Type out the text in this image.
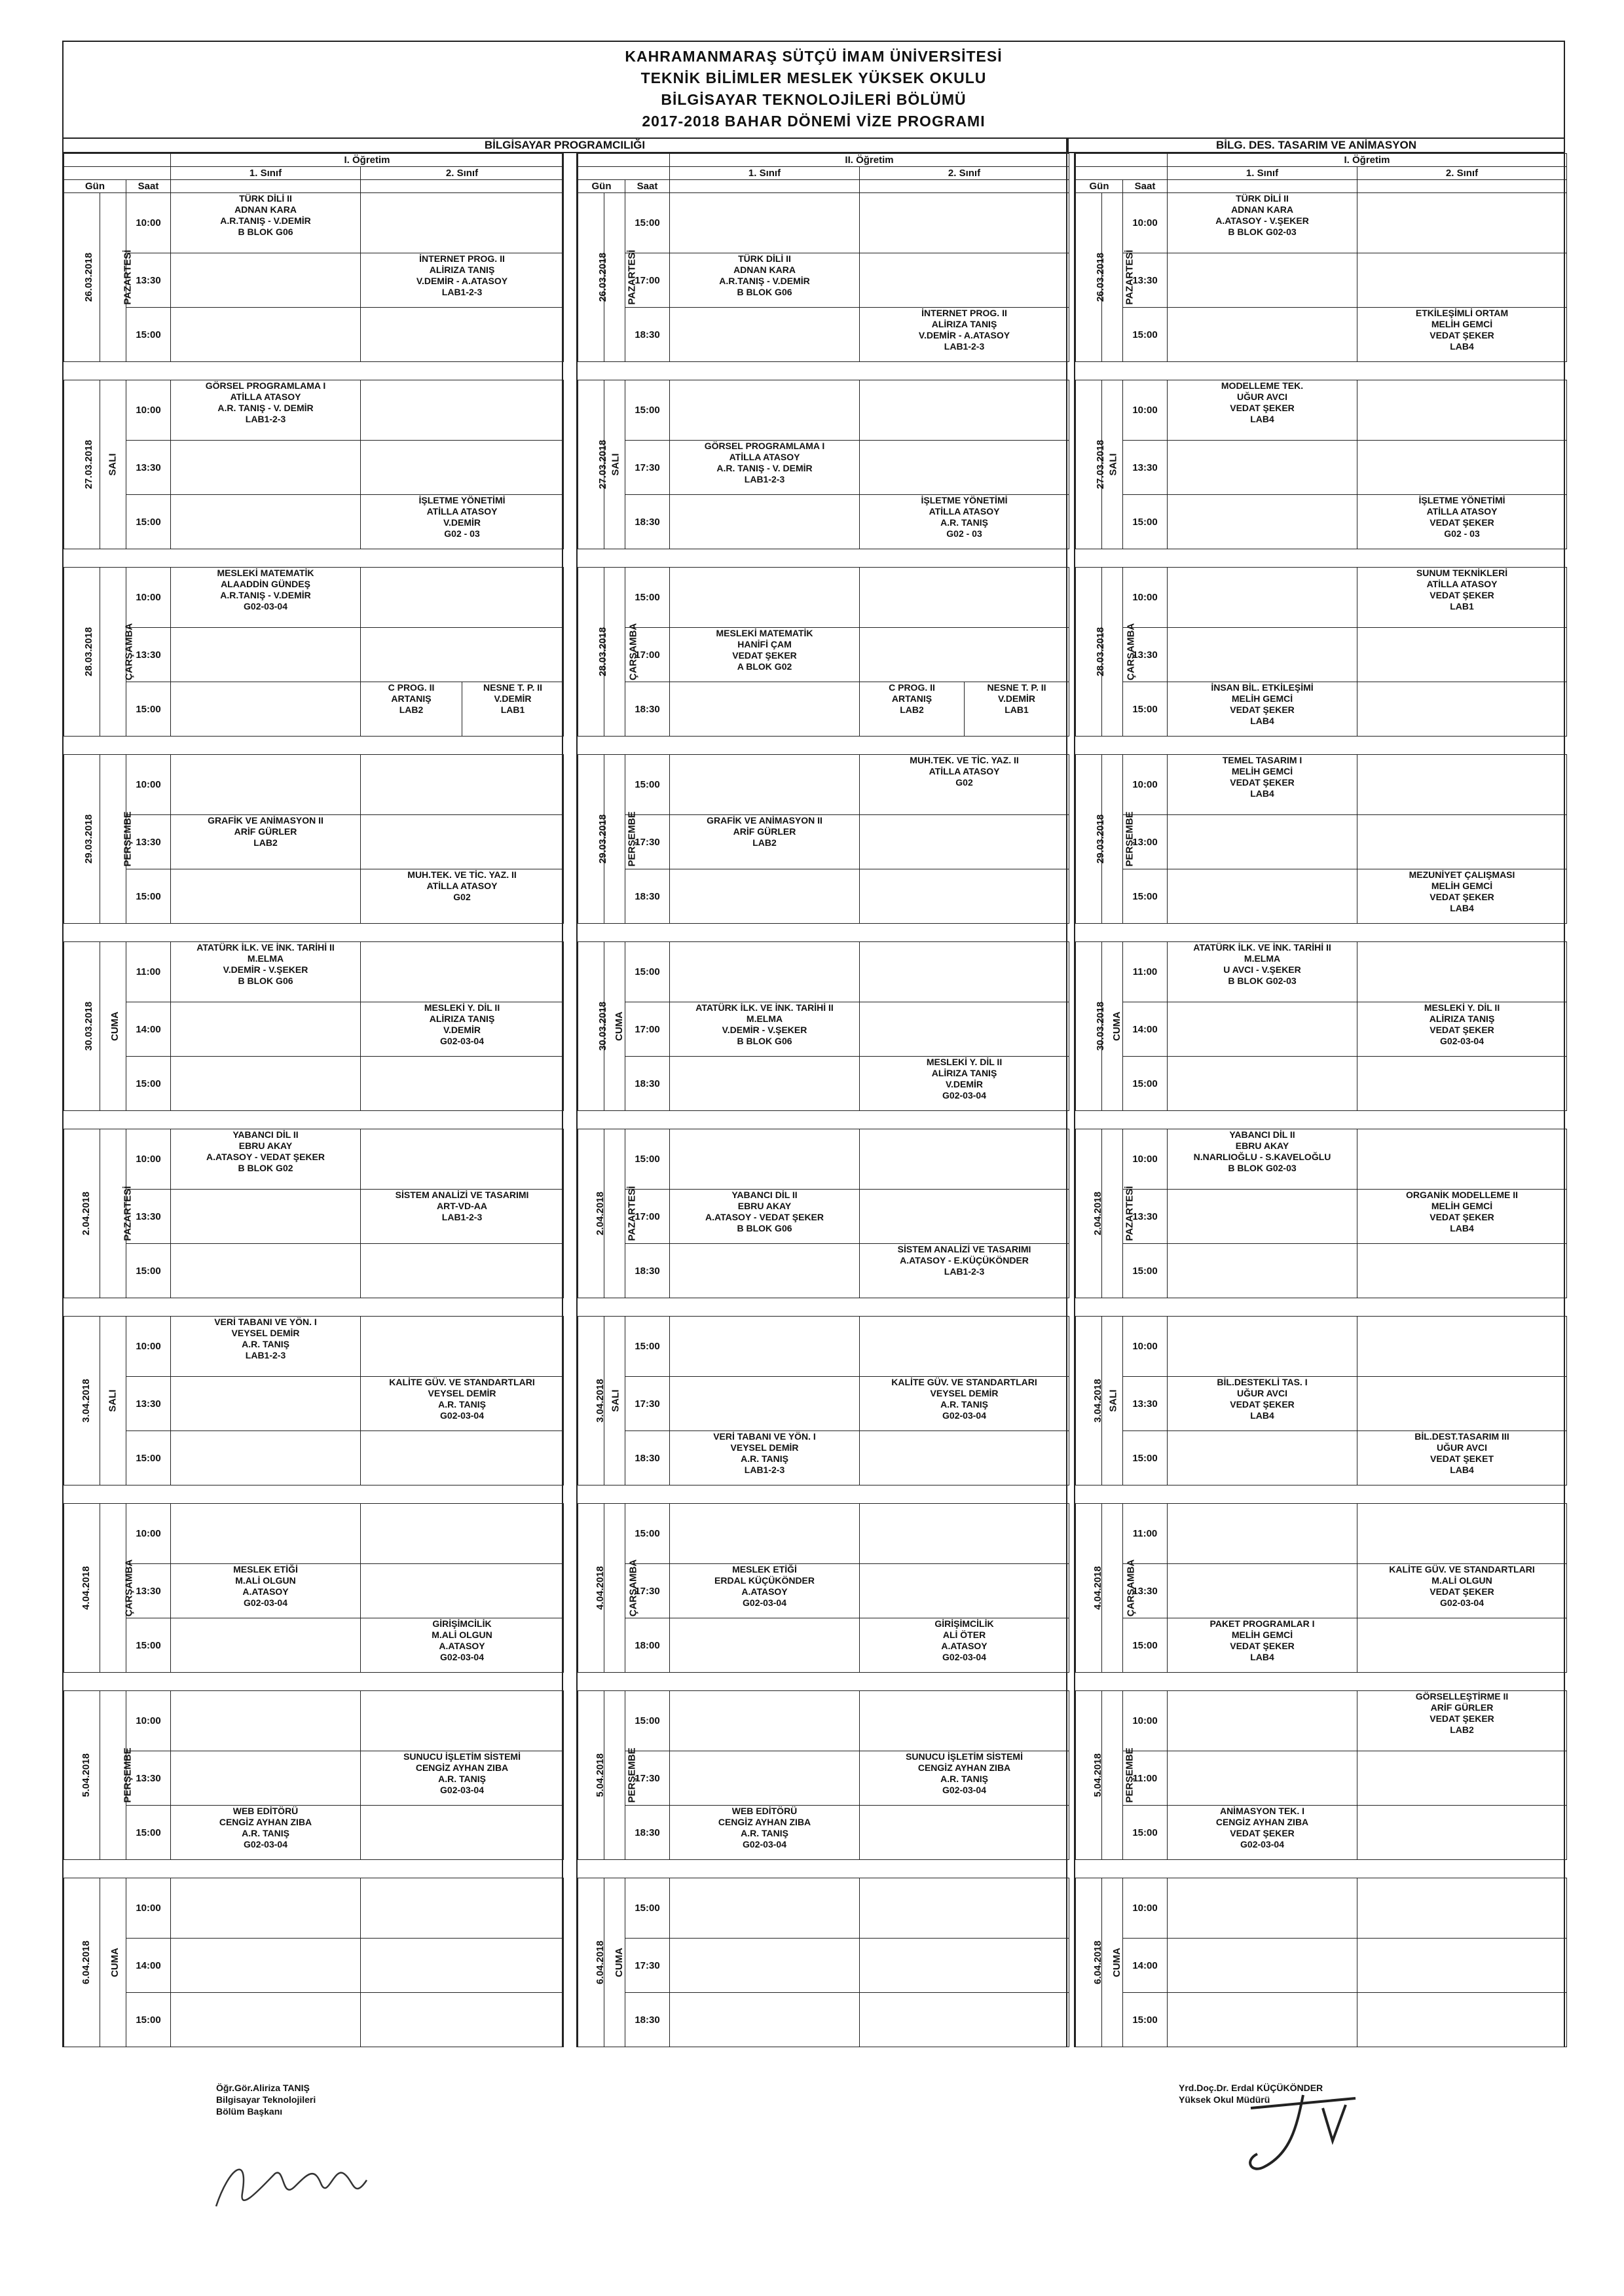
KAHRAMANMARAŞ SÜTÇÜ İMAM ÜNİVERSİTESİ
TEKNİK BİLİMLER MESLEK YÜKSEK OKULU
BİLGİSAYAR TEKNOLOJİLERİ BÖLÜMÜ
2017-2018 BAHAR DÖNEMİ VİZE PROGRAMI
BİLGİSAYAR PROGRAMCILIĞI	BİLG. DES. TASARIM VE ANİMASYON
			I. Öğretim		
			1. Sınıf	2. Sınıf	
Gün		Saat			
26.03.2018	PAZARTESİ	10:00	TÜRK DİLİ II
ADNAN KARA
A.R.TANIŞ - V.DEMİR
B BLOK G06		

		13:30		İNTERNET PROG. II
ALİRIZA TANIŞ
V.DEMİR - A.ATASOY
LAB1-2-3	

		15:00			

27.03.2018	SALI	10:00	GÖRSEL PROGRAMLAMA I
ATİLLA ATASOY
A.R. TANIŞ - V. DEMİR
LAB1-2-3		

		13:30			
		15:00		İŞLETME YÖNETİMİ
ATİLLA ATASOY
V.DEMİR
G02 - 03	

28.03.2018	ÇARŞAMBA	10:00	MESLEKİ MATEMATİK
ALAADDİN GÜNDEŞ
A.R.TANIŞ - V.DEMİR
G02-03-04		

		13:30			
		15:00		C PROG. II
ARTANIŞ
LAB2	NESNE T. P. II
V.DEMİR
LAB1

29.03.2018	PERŞEMBE	10:00			
		13:30	GRAFİK VE ANİMASYON II
ARİF GÜRLER
LAB2		

		15:00		MUH.TEK. VE TİC. YAZ. II
ATİLLA ATASOY
G02	

30.03.2018	CUMA	11:00	ATATÜRK İLK. VE İNK. TARİHİ II
M.ELMA
V.DEMİR - V.ŞEKER
B BLOK G06		

		14:00		MESLEKİ Y. DİL II
ALİRIZA TANIŞ
V.DEMİR
G02-03-04	

		15:00			

2.04.2018	PAZARTESİ	10:00	YABANCI DİL II
EBRU AKAY
A.ATASOY - VEDAT ŞEKER
B BLOK G02		

		13:30		SİSTEM ANALİZİ VE TASARIMI
ART-VD-AA
LAB1-2-3	

		15:00			

3.04.2018	SALI	10:00	VERİ TABANI VE YÖN. I
VEYSEL DEMİR
A.R. TANIŞ
LAB1-2-3		

		13:30		KALİTE GÜV. VE STANDARTLARI
VEYSEL DEMİR
A.R. TANIŞ
G02-03-04	

		15:00			

4.04.2018	ÇARŞAMBA	10:00			
		13:30	MESLEK ETİĞİ
M.ALİ OLGUN
A.ATASOY
G02-03-04		

		15:00		GİRİŞİMCİLİK
M.ALİ OLGUN
A.ATASOY
G02-03-04	

5.04.2018	PERŞEMBE	10:00			
		13:30		SUNUCU İŞLETİM SİSTEMİ
CENGİZ AYHAN ZIBA
A.R. TANIŞ
G02-03-04	

		15:00	WEB EDİTÖRÜ
CENGİZ AYHAN ZIBA
A.R. TANIŞ
G02-03-04		

6.04.2018	CUMA	10:00			
		14:00			
		15:00			
			II. Öğretim		
			1. Sınıf	2. Sınıf	
Gün		Saat			
26.03.2018	PAZARTESİ	15:00			
		17:00	TÜRK DİLİ II
ADNAN KARA
A.R.TANIŞ - V.DEMİR
B BLOK G06		

		18:30		İNTERNET PROG. II
ALİRIZA TANIŞ
V.DEMİR - A.ATASOY
LAB1-2-3	

27.03.2018	SALI	15:00			
		17:30	GÖRSEL PROGRAMLAMA I
ATİLLA ATASOY
A.R. TANIŞ - V. DEMİR
LAB1-2-3		

		18:30		İŞLETME YÖNETİMİ
ATİLLA ATASOY
A.R. TANIŞ
G02 - 03	

28.03.2018	ÇARŞAMBA	15:00			
		17:00	MESLEKİ MATEMATİK
HANİFİ ÇAM
VEDAT ŞEKER
A BLOK G02		

		18:30		C PROG. II
ARTANIŞ
LAB2	NESNE T. P. II
V.DEMİR
LAB1

29.03.2018	PERŞEMBE	15:00		MUH.TEK. VE TİC. YAZ. II
ATİLLA ATASOY
G02	

		17:30	GRAFİK VE ANİMASYON II
ARİF GÜRLER
LAB2		

		18:30			

30.03.2018	CUMA	15:00			
		17:00	ATATÜRK İLK. VE İNK. TARİHİ II
M.ELMA
V.DEMİR - V.ŞEKER
B BLOK G06		

		18:30		MESLEKİ Y. DİL II
ALİRIZA TANIŞ
V.DEMİR
G02-03-04	

2.04.2018	PAZARTESİ	15:00			
		17:00	YABANCI DİL II
EBRU AKAY
A.ATASOY - VEDAT ŞEKER
B BLOK G06		

		18:30		SİSTEM ANALİZİ VE TASARIMI
A.ATASOY - E.KÜÇÜKÖNDER
LAB1-2-3	

3.04.2018	SALI	15:00			
		17:30		KALİTE GÜV. VE STANDARTLARI
VEYSEL DEMİR
A.R. TANIŞ
G02-03-04	

		18:30	VERİ TABANI VE YÖN. I
VEYSEL DEMİR
A.R. TANIŞ
LAB1-2-3		

4.04.2018	ÇARŞAMBA	15:00			
		17:30	MESLEK ETİĞİ
ERDAL KÜÇÜKÖNDER
A.ATASOY
G02-03-04		

		18:00		GİRİŞİMCİLİK
ALİ ÖTER
A.ATASOY
G02-03-04	

5.04.2018	PERŞEMBE	15:00			
		17:30		SUNUCU İŞLETİM SİSTEMİ
CENGİZ AYHAN ZIBA
A.R. TANIŞ
G02-03-04	

		18:30	WEB EDİTÖRÜ
CENGİZ AYHAN ZIBA
A.R. TANIŞ
G02-03-04		

6.04.2018	CUMA	15:00			
		17:30			
		18:30			
			I. Öğretim	
			1. Sınıf	2. Sınıf
Gün		Saat		
26.03.2018	PAZARTESİ	10:00	TÜRK DİLİ II
ADNAN KARA
A.ATASOY - V.ŞEKER
B BLOK G02-03	

		13:30		
		15:00		ETKİLEŞİMLİ ORTAM
MELİH GEMCİ
VEDAT ŞEKER
LAB4

27.03.2018	SALI	10:00	MODELLEME TEK.
UĞUR AVCI
VEDAT ŞEKER
LAB4	

		13:30		
		15:00		İŞLETME YÖNETİMİ
ATİLLA ATASOY
VEDAT ŞEKER
G02 - 03

28.03.2018	ÇARŞAMBA	10:00		SUNUM TEKNİKLERİ
ATİLLA ATASOY
VEDAT ŞEKER
LAB1

		13:30		
		15:00	İNSAN BİL. ETKİLEŞİMİ
MELİH GEMCİ
VEDAT ŞEKER
LAB4	

29.03.2018	PERŞEMBE	10:00	TEMEL TASARIM I
MELİH GEMCİ
VEDAT ŞEKER
LAB4	

		13:00		
		15:00		MEZUNİYET ÇALIŞMASI
MELİH GEMCİ
VEDAT ŞEKER
LAB4

30.03.2018	CUMA	11:00	ATATÜRK İLK. VE İNK. TARİHİ II
M.ELMA
U AVCI - V.ŞEKER
B BLOK G02-03	

		14:00		MESLEKİ Y. DİL II
ALİRIZA TANIŞ
VEDAT ŞEKER
G02-03-04

		15:00		

2.04.2018	PAZARTESİ	10:00	YABANCI DİL II
EBRU AKAY
N.NARLIOĞLU - S.KAVELOĞLU
B BLOK G02-03	

		13:30		ORGANİK MODELLEME II
MELİH GEMCİ
VEDAT ŞEKER
LAB4

		15:00		

3.04.2018	SALI	10:00		
		13:30	BİL.DESTEKLİ TAS. I
UĞUR AVCI
VEDAT ŞEKER
LAB4	

		15:00		BİL.DEST.TASARIM III
UĞUR AVCI
VEDAT ŞEKET
LAB4

4.04.2018	ÇARŞAMBA	11:00		
		13:30		KALİTE GÜV. VE STANDARTLARI
M.ALİ OLGUN
VEDAT ŞEKER
G02-03-04

		15:00	PAKET PROGRAMLAR I
MELİH GEMCİ
VEDAT ŞEKER
LAB4	

5.04.2018	PERŞEMBE	10:00		GÖRSELLEŞTİRME II
ARİF GÜRLER
VEDAT ŞEKER
LAB2

		11:00		
		15:00	ANİMASYON TEK. I
CENGİZ AYHAN ZIBA
VEDAT ŞEKER
G02-03-04	

6.04.2018	CUMA	10:00		
		14:00		
		15:00		
Öğr.Gör.Aliriza TANIŞ
Bilgisayar Teknolojileri
Bölüm Başkanı
Yrd.Doç.Dr. Erdal KÜÇÜKÖNDER
Yüksek Okul Müdürü
